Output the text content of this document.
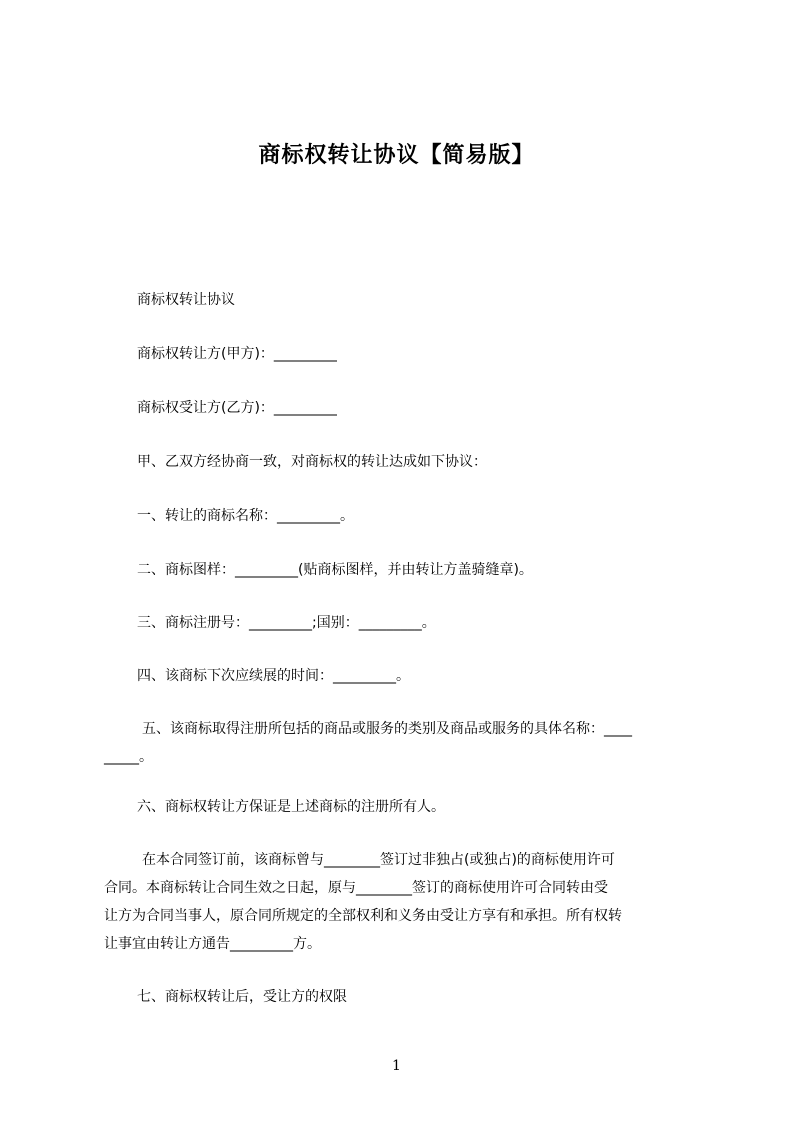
商标权转让协议【简易版】
商标权转让协议
商标权转让方(甲方)：_________
商标权受让方(乙方)：_________
甲、乙双方经协商一致，对商标权的转让达成如下协议：
一、转让的商标名称：_________。
二、商标图样：_________(贴商标图样，并由转让方盖骑缝章)。
三、商标注册号：_________;国别：_________。
四、该商标下次应续展的时间：_________。
五、该商标取得注册所包括的商品或服务的类别及商品或服务的具体名称：____
_____。
六、商标权转让方保证是上述商标的注册所有人。
在本合同签订前，该商标曾与________签订过非独占(或独占)的商标使用许可
合同。本商标转让合同生效之日起，原与________签订的商标使用许可合同转由受
让方为合同当事人，原合同所规定的全部权利和义务由受让方享有和承担。所有权转
让事宜由转让方通告_________方。
七、商标权转让后，受让方的权限
1
